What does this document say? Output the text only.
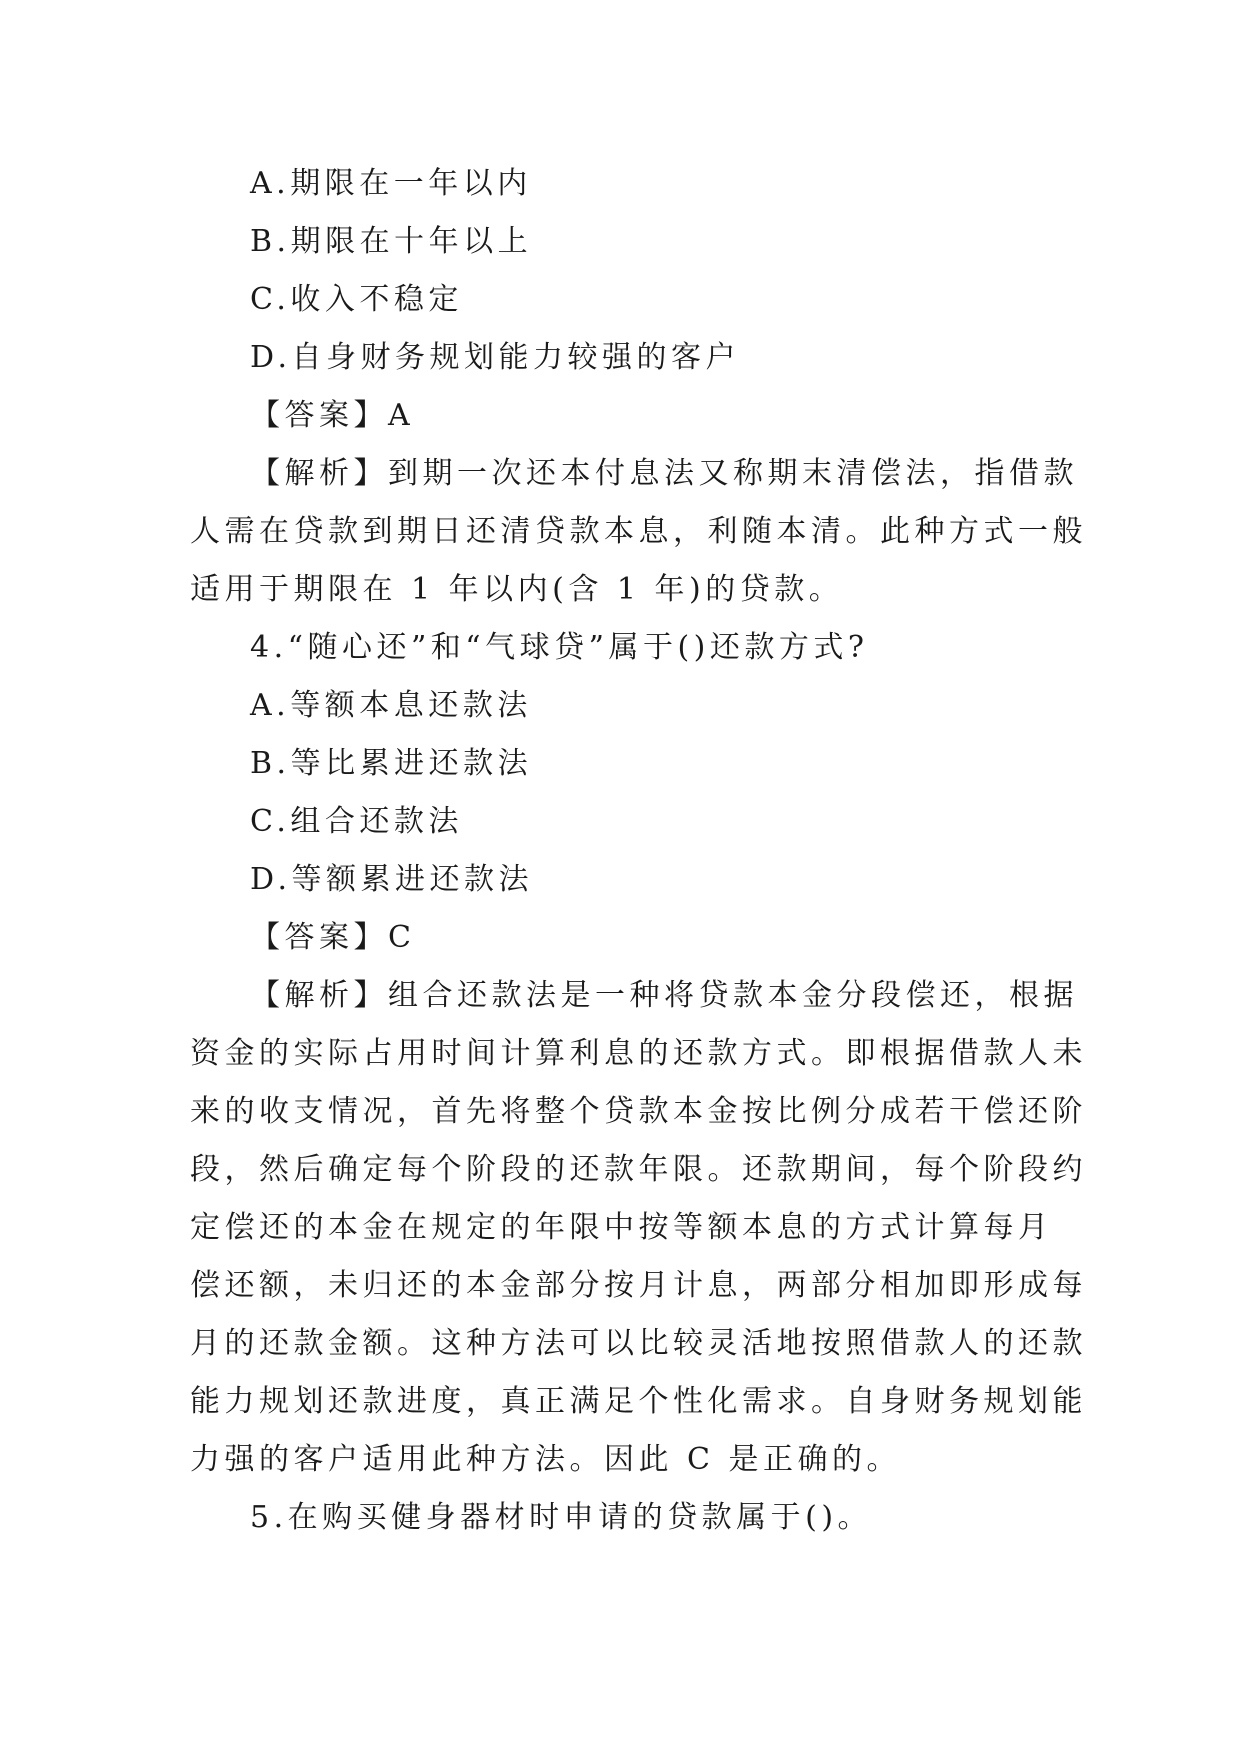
A.期限在一年以内
B.期限在十年以上
C.收入不稳定
D.自身财务规划能力较强的客户
【答案】A
【解析】到期一次还本付息法又称期末清偿法，指借款
人需在贷款到期日还清贷款本息，利随本清。此种方式一般
适用于期限在 1 年以内(含 1 年)的贷款。
4.“随心还”和“气球贷”属于()还款方式?
A.等额本息还款法
B.等比累进还款法
C.组合还款法
D.等额累进还款法
【答案】C
【解析】组合还款法是一种将贷款本金分段偿还，根据
资金的实际占用时间计算利息的还款方式。即根据借款人未
来的收支情况，首先将整个贷款本金按比例分成若干偿还阶
段，然后确定每个阶段的还款年限。还款期间，每个阶段约
定偿还的本金在规定的年限中按等额本息的方式计算每月
偿还额，未归还的本金部分按月计息，两部分相加即形成每
月的还款金额。这种方法可以比较灵活地按照借款人的还款
能力规划还款进度，真正满足个性化需求。自身财务规划能
力强的客户适用此种方法。因此 C 是正确的。
5.在购买健身器材时申请的贷款属于()。
